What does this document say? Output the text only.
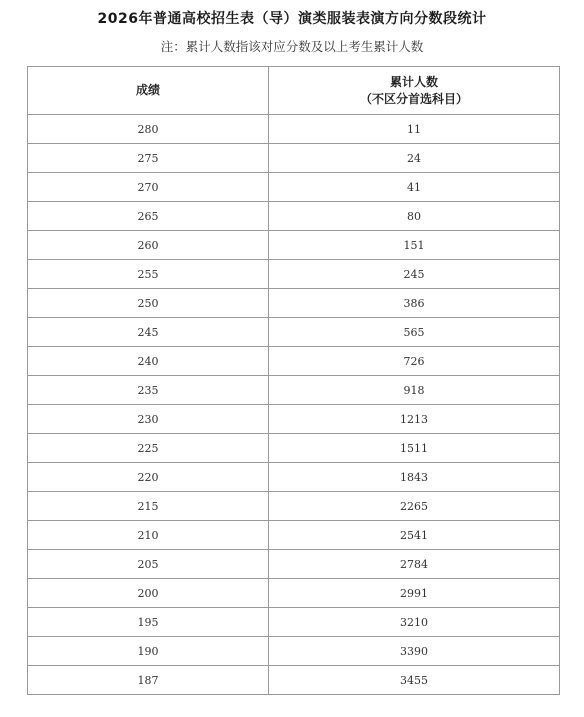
2026年普通高校招生表（导）演类服装表演方向分数段统计
注：累计人数指该对应分数及以上考生累计人数
成绩	累计人数
（不区分首选科目）

280	11
275	24
270	41
265	80
260	151
255	245
250	386
245	565
240	726
235	918
230	1213
225	1511
220	1843
215	2265
210	2541
205	2784
200	2991
195	3210
190	3390
187	3455
